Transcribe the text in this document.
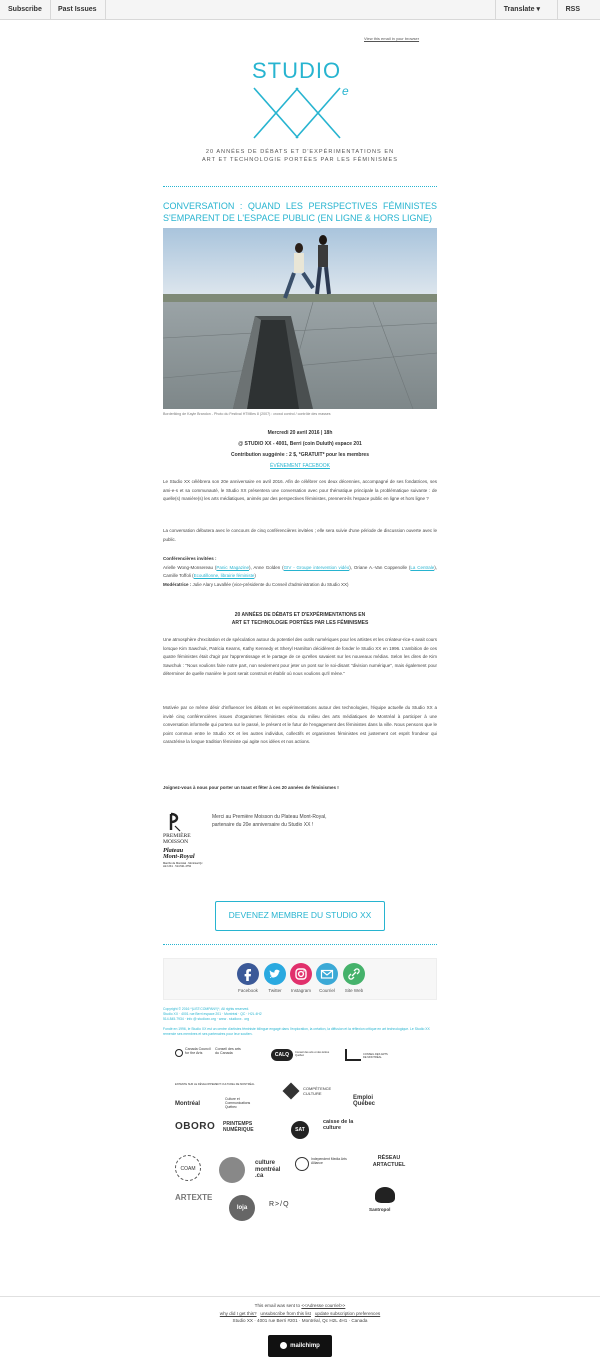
Subscribe	Past Issues	Translate ▾	RSS
View this email in your browser
STUDIO
e
20 ANNÉES DE DÉBATS ET D'EXPÉRIMENTATIONS EN
ART ET TECHNOLOGIE PORTÉES PAR LES FÉMINISMES
CONVERSATION : QUAND LES PERSPECTIVES FÉMINISTES S'EMPARENT DE L'ESPACE PUBLIC (EN LIGNE & HORS LIGNE)
Borderlking de Kayle Brandon - Photo du Festival HTMlles 8 (2007) : crowd control / contrôle des masses
Mercredi 20 avril 2016 | 18h
@ STUDIO XX - 4001, Berri (coin Duluth) espace 201
Contribution suggérée : 2 $, *GRATUIT* pour les membres
ÉVÉNEMENT FACEBOOK
Le Studio XX célèbrera son 20e anniversaire en avril 2016. Afin de célébrer ces deux décennies, accompagné de ses fondatrices, ses ami-e-s et sa communauté, le Studio XX présentera une conversation avec pour thématique principale la problématique suivante : de quelle(s) manière(s) les arts médiatiques, animés par des perspectives féministes, prennent-ils l'espace public en ligne et hors ligne ?
La conversation débutera avec le concours de cinq conférencières invitées ; elle sera suivie d'une période de discussion ouverte avec le public.
Conférencières invitées :
Arielle Wong-Monsereau (Panic Magazine), Anne Golden (GIV - Groupe intervention vidéo), Oriane A.-Van Coppenolle (La Centrale), Camille Toffoli (Ecoutillonne, librairie féministe)
Modératrice : Julie Alary Lavallée (vice-présidente du Conseil d'administration du Studio XX)
20 ANNÉES DE DÉBATS ET D'EXPÉRIMENTATIONS EN
ART ET TECHNOLOGIE PORTÉES PAR LES FÉMINISMES
Une atmosphère d'excitation et de spéculation autour du potentiel des outils numériques pour les artistes et les créateur-rice-s avait cours lorsque Kim Sawchuk, Patricia Kearns, Kathy Kennedy et Sheryl Hamilton décidèrent de fonder le Studio XX en 1996. L'ambition de ces quatre féministes était d'agir par l'apprentissage et le partage de ce qu'elles savaient sur les nouveaux médias. Selon les dires de Kim Sawchuk : "Nous voulions faire notre part, non seulement pour jeter un pont sur le soi-disant "division numérique", mais également pour déterminer de quelle manière le pont serait construit et établir où nous voulions qu'il mène."
Motivée par ce même désir d'influencer les débats et les expérimentations autour des technologies, l'équipe actuelle du Studio XX a invité cinq conférencières issues d'organismes féministes et/ou du milieu des arts médiatiques de Montréal à participer à une conversation informelle qui portera sur le passé, le présent et le futur de l'engagement des féministes dans la ville. Nous pensons que le point commun entre le Studio XX et les autres individus, collectifs et organismes féministes est justement cet esprit frondeur qui caractérise la longue tradition féministe qui agite nos idées et nos actions.
Joignez-vous à nous pour porter un toast et fêter à ces 20 années de féminismes !
PREMIÈRE
MOISSON
Plateau
Mont-Royal
Marché de Montréal · Montréal Qc H2J 2K1 · 514.521.4752
Merci au Première Moisson du Plateau Mont-Royal,
partenaire du 20e anniversaire du Studio XX !
DEVENEZ MEMBRE DU STUDIO XX
Facebook	Twitter	Instagram	Courriel	Site Web
Copyright © 2016 *|LIST:COMPANY|*, All rights reserved.
Studio XX · 4001 rue Berri espace 201 · Montréal · QC · H2L 4H2
514.845.7934 · info @ studioxx.org · www . studioxx . org
Fondé en 1996, le Studio XX est un centre d'artistes féministe bilingue engagé dans l'exploration, la création, la diffusion et la réflexion critique en art technologique. Le Studio XX remercie ses membres et ses partenaires pour leur soutien.
Canada Council for the Arts
Conseil des arts du Canada	CALQ	Conseil des arts et des lettres Québec	CONSEIL DES ARTS DE MONTRÉAL
ENTENTE SUR LE DÉVELOPPEMENT CULTUREL DE MONTRÉAL
Montréal
Culture et Communications Québec
COMPÉTENCE CULTURE
Emploi Québec
OBORO PRINTEMPS NUMÉRIQUE	SAT
caisse de la culture
COAM
culture montréal .ca
Independent Media Arts Alliance
RÉSEAU ARTACTUEL
ARTEXTE
loja	R>/Q
Santropol
This email was sent to <<Adresse courriel>>
why did I get this? unsubscribe from this list update subscription preferences
Studio XX · 4001 rue Berri #201 · Montréal, Qc H2L 4H1 · Canada
mailchimp
